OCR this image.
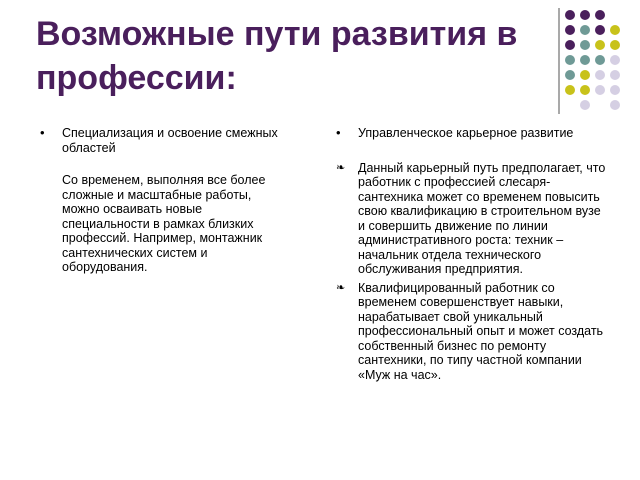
Возможные пути развития в профессии:
• Специализация и освоение смежных областей
Со временем, выполняя все более сложные и масштабные работы, можно осваивать новые специальности в рамках близких профессий. Например, монтажник сантехнических систем и оборудования.
• Управленческое карьерное развитие
❧ Данный карьерный путь предполагает, что работник с профессией слесаря-сантехника может со временем повысить свою квалификацию в строительном вузе и совершить движение по линии административного роста: техник – начальник отдела технического обслуживания предприятия.
❧ Квалифицированный работник со временем совершенствует навыки, нарабатывает свой уникальный профессиональный опыт и может создать собственный бизнес по ремонту сантехники, по типу частной компании «Муж на час».
